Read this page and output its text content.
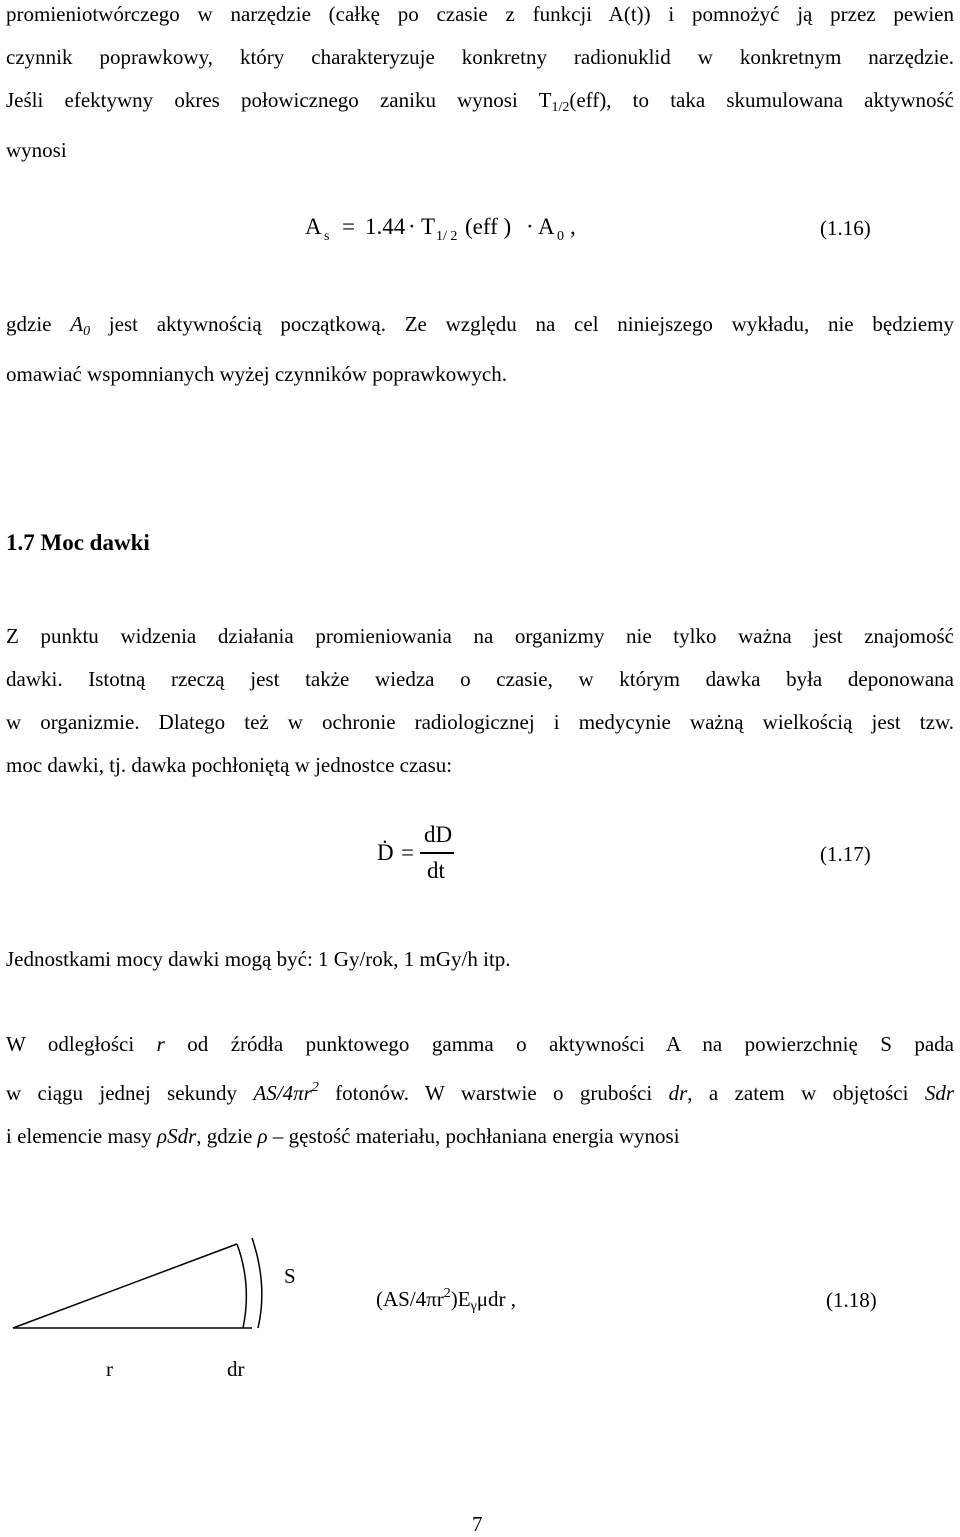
promieniotwórczego w narzędzie (całkę po czasie z funkcji A(t)) i pomnożyć ją przez pewien

czynnik poprawkowy, który charakteryzuje konkretny radionuklid w konkretnym narzędzie.

Jeśli efektywny okres połowicznego zaniku wynosi $T_{1/2}(eff)$, to taka skumulowana aktywność

wynosi

A s = 1.44 · T 1/ 2 (eff ) · A 0 ,	(1.16)

gdzie $A_0$ jest aktywnością początkową. Ze względu na cel niniejszego wykładu, nie będziemy

omawiać wspomnianych wyżej czynników poprawkowych.

1.7 Moc dawki

Z punktu widzenia działania promieniowania na organizmy nie tylko ważna jest znajomość

dawki. Istotną rzeczą jest także wiedza o czasie, w którym dawka była deponowana

w organizmie. Dlatego też w ochronie radiologicznej i medycynie ważną wielkością jest tzw.

moc dawki, tj. dawka pochłoniętą w jednostce czasu:

Ḋ =
dD
dt
(1.17)
Jednostkami mocy dawki mogą być: 1 Gy/rok, 1 mGy/h itp.

W odległości r od źródła punktowego gamma o aktywności A na powierzchnię S pada

w ciągu jednej sekundy $AS/4\pi r^2$ fotonów. W warstwie o grubości dr, a zatem w objętości Sdr

i elemencie masy ρSdr, gdzie ρ – gęstość materiału, pochłaniana energia wynosi

S
r	dr
$(AS/4\pi r^2)E_\gamma\mu dr$ ,	(1.18)
7
